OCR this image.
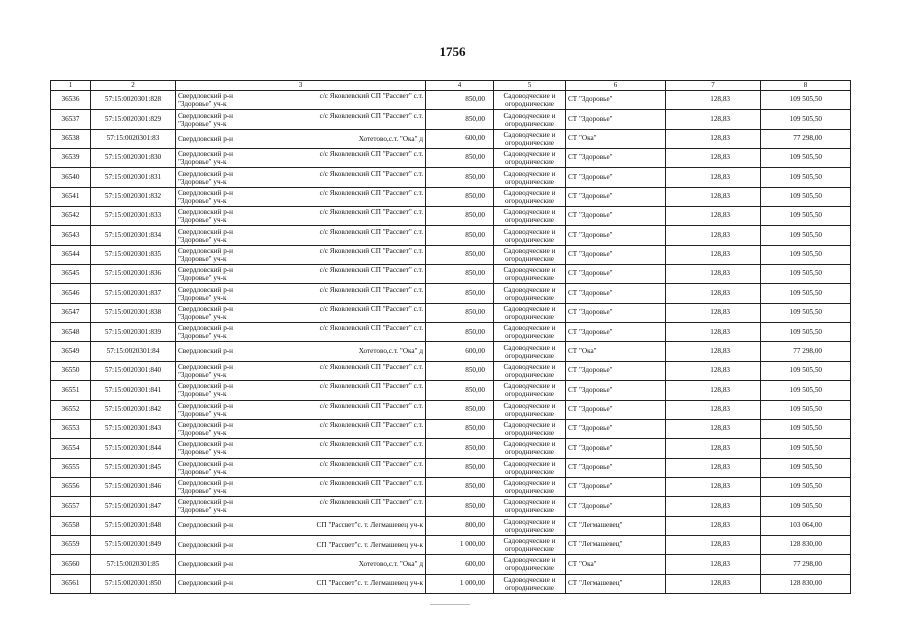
1756
1	2	3	4	5	6	7	8
36536	57:15:0020301:828	Свердловский р-н
"Здоровье" уч-к
с/с Яковлевский СП "Рассвет" с.т.	850,00	Садоводческие и
огороднические	СТ "Здоровье"	128,83	109 505,50
36537	57:15:0020301:829	Свердловский р-н
"Здоровье" уч-к
с/с Яковлевский СП "Рассвет" с.т.	850,00	Садоводческие и
огороднические	СТ "Здоровье"	128,83	109 505,50
36538	57:15:0020301:83	Свердловский р-н Хотетово,с.т. "Ока" д	600,00	Садоводческие и
огороднические	СТ "Ока"	128,83	77 298,00
36539	57:15:0020301:830	Свердловский р-н
"Здоровье" уч-к
с/с Яковлевский СП "Рассвет" с.т.	850,00	Садоводческие и
огороднические	СТ "Здоровье"	128,83	109 505,50
36540	57:15:0020301:831	Свердловский р-н
"Здоровье" уч-к
с/с Яковлевский СП "Рассвет" с.т.	850,00	Садоводческие и
огороднические	СТ "Здоровье"	128,83	109 505,50
36541	57:15:0020301:832	Свердловский р-н
"Здоровье" уч-к
с/с Яковлевский СП "Рассвет" с.т.	850,00	Садоводческие и
огороднические	СТ "Здоровье"	128,83	109 505,50
36542	57:15:0020301:833	Свердловский р-н
"Здоровье" уч-к
с/с Яковлевский СП "Рассвет" с.т.	850,00	Садоводческие и
огороднические	СТ "Здоровье"	128,83	109 505,50
36543	57:15:0020301:834	Свердловский р-н
"Здоровье" уч-к
с/с Яковлевский СП "Рассвет" с.т.	850,00	Садоводческие и
огороднические	СТ "Здоровье"	128,83	109 505,50
36544	57:15:0020301:835	Свердловский р-н
"Здоровье" уч-к
с/с Яковлевский СП "Рассвет" с.т.	850,00	Садоводческие и
огороднические	СТ "Здоровье"	128,83	109 505,50
36545	57:15:0020301:836	Свердловский р-н
"Здоровье" уч-к
с/с Яковлевский СП "Рассвет" с.т.	850,00	Садоводческие и
огороднические	СТ "Здоровье"	128,83	109 505,50
36546	57:15:0020301:837	Свердловский р-н
"Здоровье" уч-к
с/с Яковлевский СП "Рассвет" с.т.	850,00	Садоводческие и
огороднические	СТ "Здоровье"	128,83	109 505,50
36547	57:15:0020301:838	Свердловский р-н
"Здоровье" уч-к
с/с Яковлевский СП "Рассвет" с.т.	850,00	Садоводческие и
огороднические	СТ "Здоровье"	128,83	109 505,50
36548	57:15:0020301:839	Свердловский р-н
"Здоровье" уч-к
с/с Яковлевский СП "Рассвет" с.т.	850,00	Садоводческие и
огороднические	СТ "Здоровье"	128,83	109 505,50
36549	57:15:0020301:84	Свердловский р-н Хотетово,с.т. "Ока" д	600,00	Садоводческие и
огороднические	СТ "Ока"	128,83	77 298,00
36550	57:15:0020301:840	Свердловский р-н
"Здоровье" уч-к
с/с Яковлевский СП "Рассвет" с.т.	850,00	Садоводческие и
огороднические	СТ "Здоровье"	128,83	109 505,50
36551	57:15:0020301:841	Свердловский р-н
"Здоровье" уч-к
с/с Яковлевский СП "Рассвет" с.т.	850,00	Садоводческие и
огороднические	СТ "Здоровье"	128,83	109 505,50
36552	57:15:0020301:842	Свердловский р-н
"Здоровье" уч-к
с/с Яковлевский СП "Рассвет" с.т.	850,00	Садоводческие и
огороднические	СТ "Здоровье"	128,83	109 505,50
36553	57:15:0020301:843	Свердловский р-н
"Здоровье" уч-к
с/с Яковлевский СП "Рассвет" с.т.	850,00	Садоводческие и
огороднические	СТ "Здоровье"	128,83	109 505,50
36554	57:15:0020301:844	Свердловский р-н
"Здоровье" уч-к
с/с Яковлевский СП "Рассвет" с.т.	850,00	Садоводческие и
огороднические	СТ "Здоровье"	128,83	109 505,50
36555	57:15:0020301:845	Свердловский р-н
"Здоровье" уч-к
с/с Яковлевский СП "Рассвет" с.т.	850,00	Садоводческие и
огороднические	СТ "Здоровье"	128,83	109 505,50
36556	57:15:0020301:846	Свердловский р-н
"Здоровье" уч-к
с/с Яковлевский СП "Рассвет" с.т.	850,00	Садоводческие и
огороднические	СТ "Здоровье"	128,83	109 505,50
36557	57:15:0020301:847	Свердловский р-н
"Здоровье" уч-к
с/с Яковлевский СП "Рассвет" с.т.	850,00	Садоводческие и
огороднические	СТ "Здоровье"	128,83	109 505,50
36558	57:15:0020301:848	Свердловский р-н СП "Рассвет"с. т. Легмашевец уч-к	800,00	Садоводческие и
огороднические	СТ "Легмашевец"	128,83	103 064,00
36559	57:15:0020301:849	Свердловский р-н СП "Рассвет"с. т. Легмашевец уч-к	1 000,00	Садоводческие и
огороднические	СТ "Легмашевец"	128,83	128 830,00
36560	57:15:0020301:85	Свердловский р-н Хотетово,с.т. "Ока" д	600,00	Садоводческие и
огороднические	СТ "Ока"	128,83	77 298,00
36561	57:15:0020301:850	Свердловский р-н СП "Рассвет"с. т. Легмашевец уч-к	1 000,00	Садоводческие и
огороднические	СТ "Легмашевец"	128,83	128 830,00
